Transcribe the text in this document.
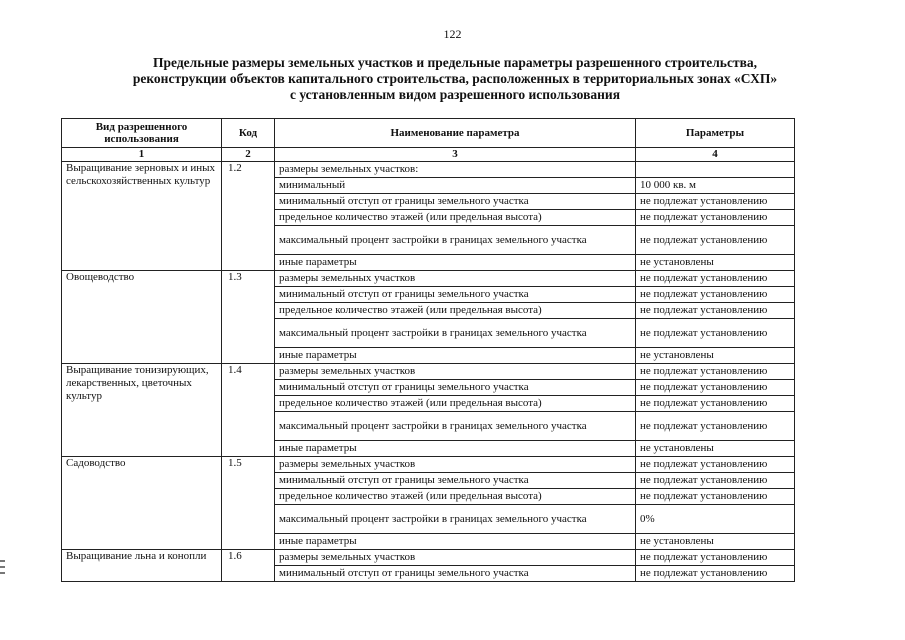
122
Предельные размеры земельных участков и предельные параметры разрешенного строительства,
реконструкции объектов капитального строительства, расположенных в территориальных зонах «СХП»
с установленным видом разрешенного использования
Вид разрешенного использования	Код	Наименование параметра	Параметры
1	2	3	4
Выращивание зерновых и иных сельскохозяйственных культур	1.2	размеры земельных участков:	
		минимальный	10 000 кв. м
		минимальный отступ от границы земельного участка	не подлежат установлению
		предельное количество этажей (или предельная высота)	не подлежат установлению
		максимальный процент застройки в границах земельного участка	не подлежат установлению
		иные параметры	не установлены
Овощеводство	1.3	размеры земельных участков	не подлежат установлению
		минимальный отступ от границы земельного участка	не подлежат установлению
		предельное количество этажей (или предельная высота)	не подлежат установлению
		максимальный процент застройки в границах земельного участка	не подлежат установлению
		иные параметры	не установлены
Выращивание тонизирующих, лекарственных, цветочных культур	1.4	размеры земельных участков	не подлежат установлению
		минимальный отступ от границы земельного участка	не подлежат установлению
		предельное количество этажей (или предельная высота)	не подлежат установлению
		максимальный процент застройки в границах земельного участка	не подлежат установлению
		иные параметры	не установлены
Садоводство	1.5	размеры земельных участков	не подлежат установлению
		минимальный отступ от границы земельного участка	не подлежат установлению
		предельное количество этажей (или предельная высота)	не подлежат установлению
		максимальный процент застройки в границах земельного участка	0%
		иные параметры	не установлены
Выращивание льна и конопли	1.6	размеры земельных участков	не подлежат установлению
		минимальный отступ от границы земельного участка	не подлежат установлению
